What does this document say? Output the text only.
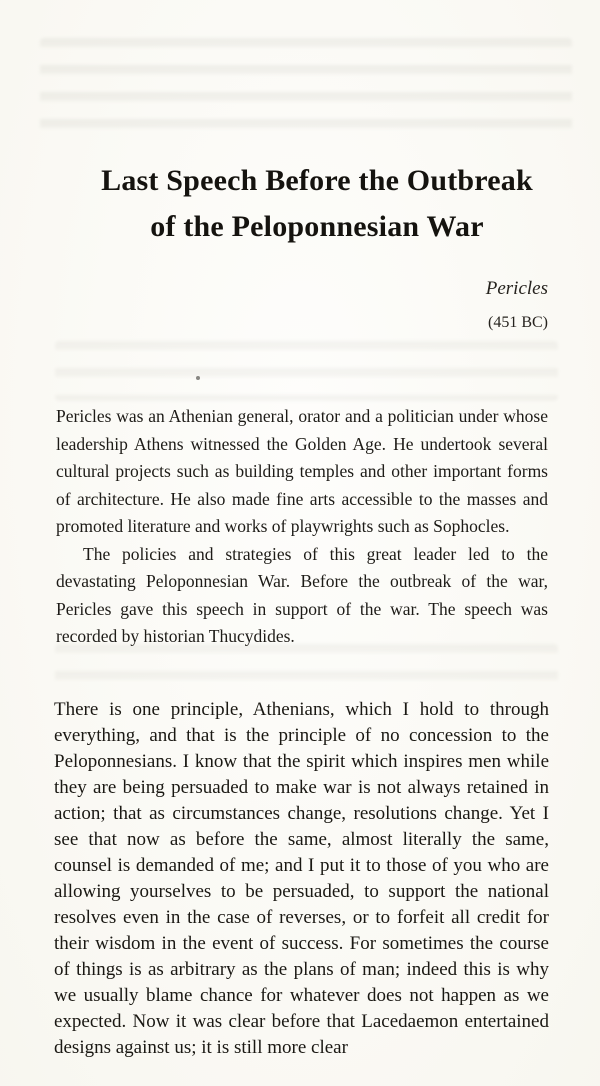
Last Speech Before the Outbreak
of the Peloponnesian War
Pericles
(451 BC)

Pericles was an Athenian general, orator and a politician under whose leadership Athens witnessed the Golden Age. He undertook several cultural projects such as building temples and other important forms of architecture. He also made fine arts accessible to the masses and promoted literature and works of playwrights such as Sophocles.

The policies and strategies of this great leader led to the devastating Peloponnesian War. Before the outbreak of the war, Pericles gave this speech in support of the war. The speech was recorded by historian Thucydides.

There is one principle, Athenians, which I hold to through everything, and that is the principle of no concession to the Peloponnesians. I know that the spirit which inspires men while they are being persuaded to make war is not always retained in action; that as circumstances change, resolutions change. Yet I see that now as before the same, almost literally the same, counsel is demanded of me; and I put it to those of you who are allowing yourselves to be persuaded, to support the national resolves even in the case of reverses, or to forfeit all credit for their wisdom in the event of success. For sometimes the course of things is as arbitrary as the plans of man; indeed this is why we usually blame chance for whatever does not happen as we expected. Now it was clear before that Lacedaemon entertained designs against us; it is still more clear
